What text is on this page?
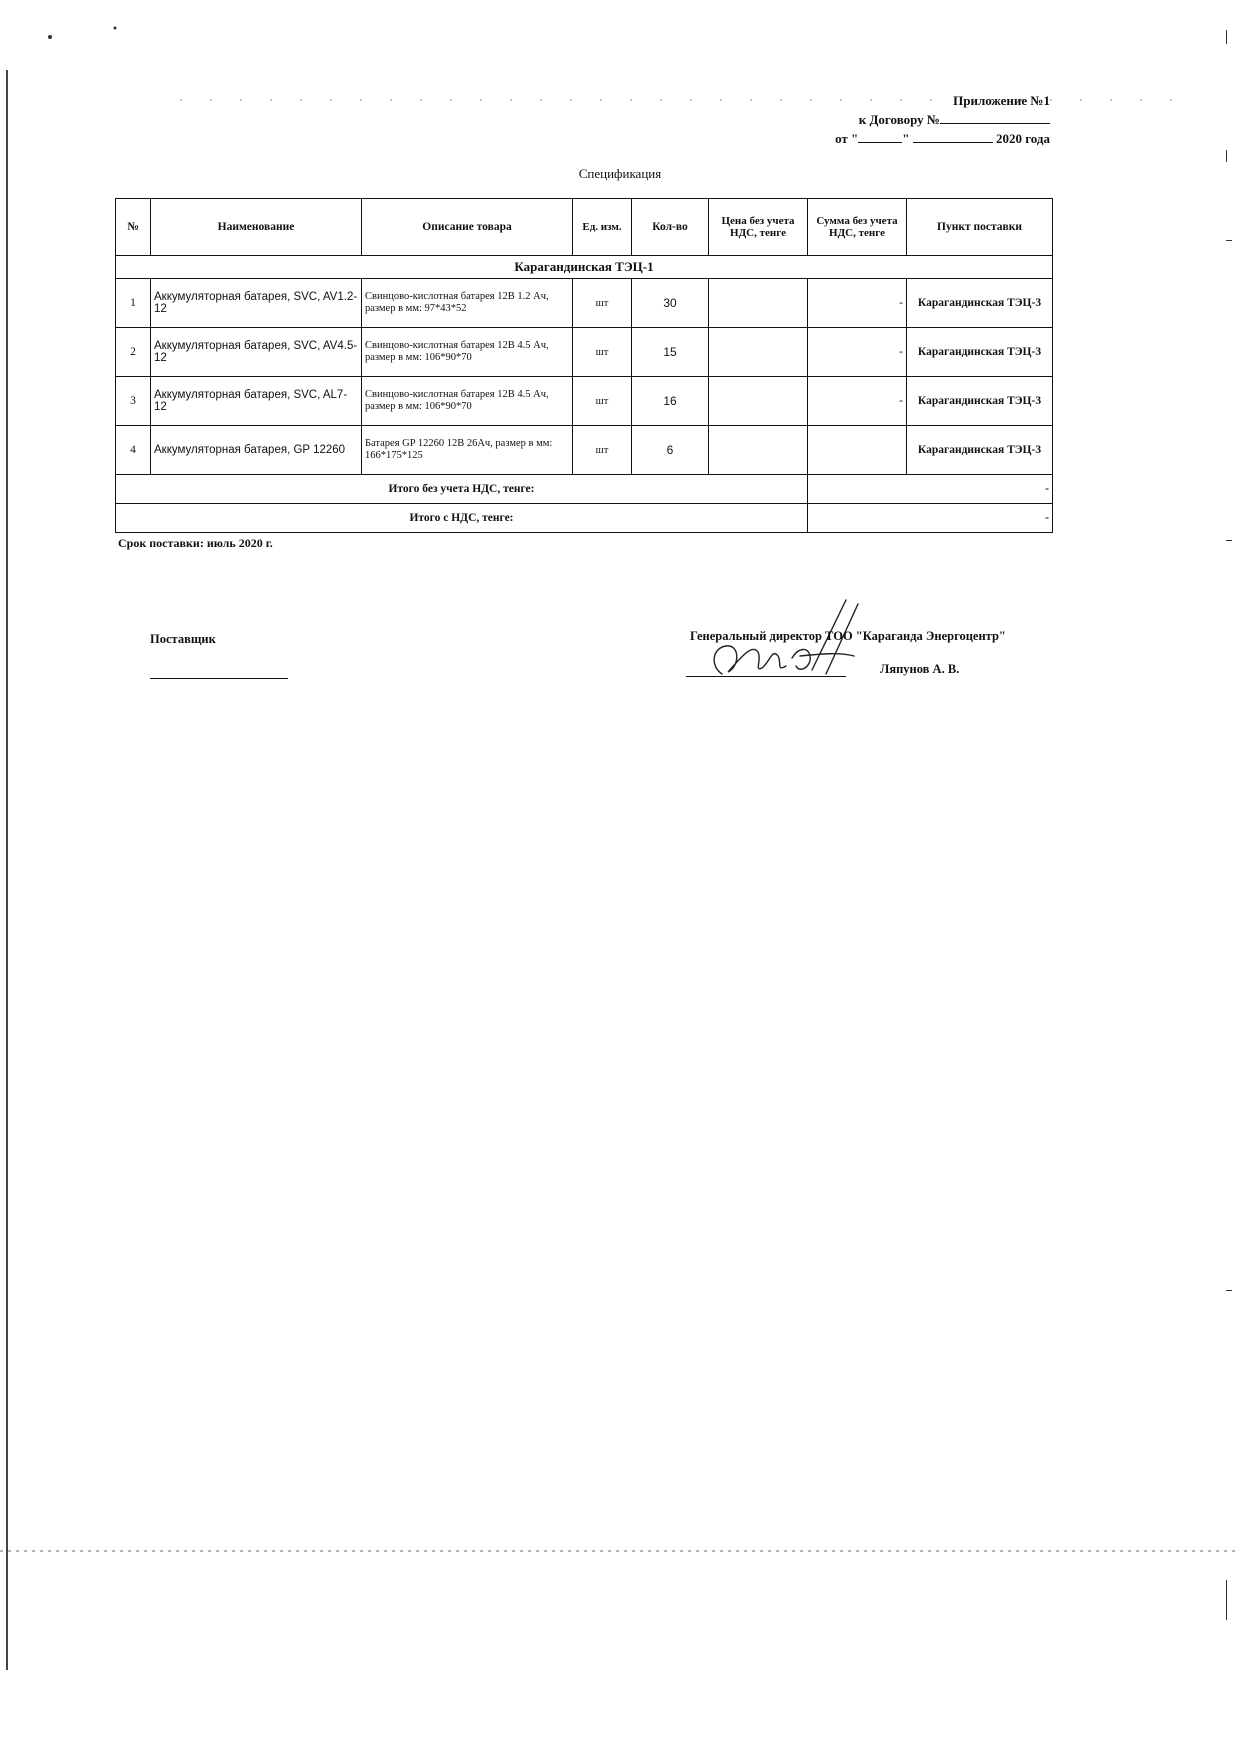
Приложение №1
к Договору №
от "	"	2020 года
Спецификация
№	Наименование	Описание товара	Ед. изм.	Кол-во	Цена без учета НДС, тенге	Сумма без учета НДС, тенге	Пункт поставки
Карагандинская ТЭЦ-1							
1	Аккумуляторная батарея, SVC, AV1.2-12	Свинцово-кислотная батарея 12В 1.2 Ач, размер в мм: 97*43*52	шт	30		-	Карагандинская ТЭЦ-3
2	Аккумуляторная батарея, SVC, AV4.5-12	Свинцово-кислотная батарея 12В 4.5 Ач, размер в мм: 106*90*70	шт	15		-	Карагандинская ТЭЦ-3
3	Аккумуляторная батарея, SVC, AL7-12	Свинцово-кислотная батарея 12В 4.5 Ач, размер в мм: 106*90*70	шт	16		-	Карагандинская ТЭЦ-3
4	Аккумуляторная батарея, GP 12260	Батарея GP 12260 12В 26Ач, размер в мм: 166*175*125	шт	6			Карагандинская ТЭЦ-3
Итого без учета НДС, тенге:						-	
Итого с НДС, тенге:						-	
Срок поставки: июль 2020 г.
Поставщик	Генеральный директор ТОО "Караганда Энергоцентр"
Ляпунов А. В.
